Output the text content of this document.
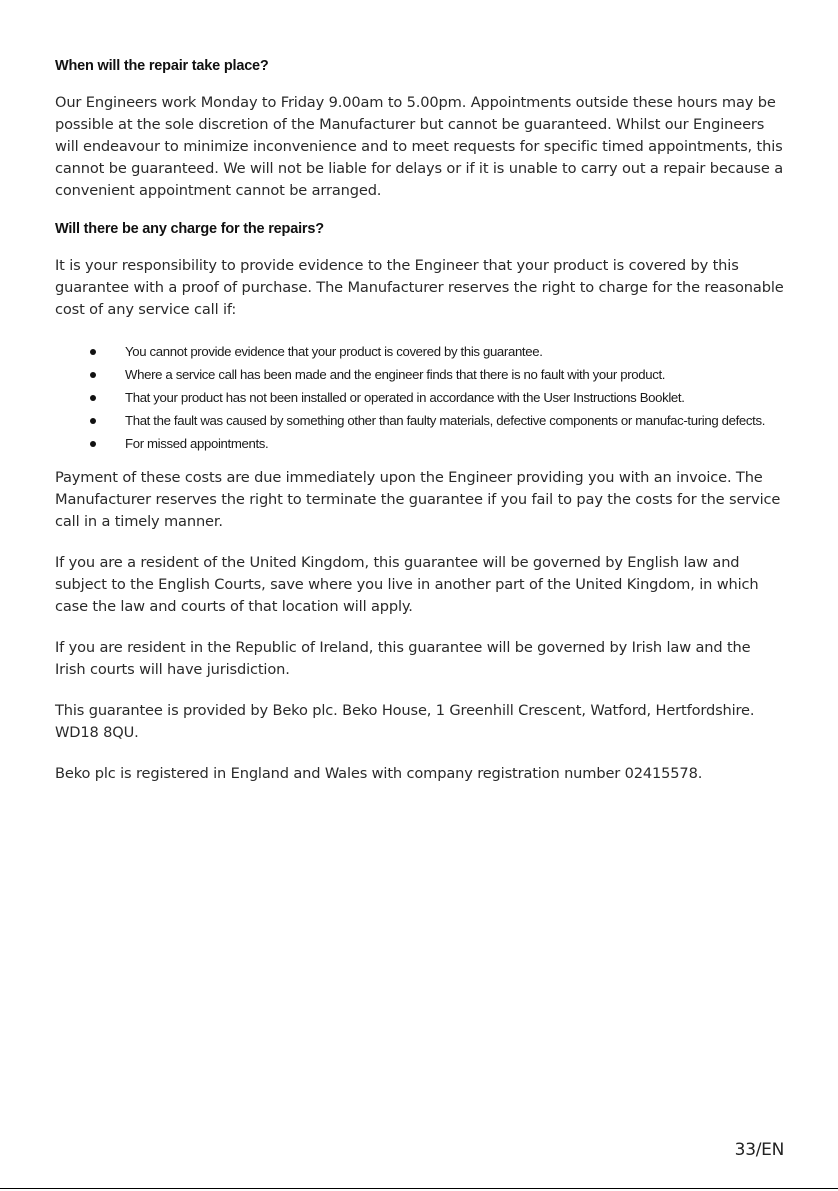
When will the repair take place?

Our Engineers work Monday to Friday 9.00am to 5.00pm. Appointments outside these hours may be possible at the sole discretion of the Manufacturer but cannot be guaranteed. Whilst our Engineers will endeavour to minimize inconvenience and to meet requests for specific timed appointments, this cannot be guaranteed. We will not be liable for delays or if it is unable to carry out a repair because a convenient appointment cannot be arranged.

Will there be any charge for the repairs?

It is your responsibility to provide evidence to the Engineer that your product is covered by this guarantee with a proof of purchase. The Manufacturer reserves the right to charge for the reasonable cost of any service call if:

You cannot provide evidence that your product is covered by this guarantee.
Where a service call has been made and the engineer finds that there is no fault with your product.
That your product has not been installed or operated in accordance with the User Instructions Booklet.
That the fault was caused by something other than faulty materials, defective components or manufac-turing defects.
For missed appointments.

Payment of these costs are due immediately upon the Engineer providing you with an invoice. The Manufacturer reserves the right to terminate the guarantee if you fail to pay the costs for the service call in a timely manner.

If you are a resident of the United Kingdom, this guarantee will be governed by English law and subject to the English Courts, save where you live in another part of the United Kingdom, in which case the law and courts of that location will apply.

If you are resident in the Republic of Ireland, this guarantee will be governed by Irish law and the Irish courts will have jurisdiction.

This guarantee is provided by Beko plc. Beko House, 1 Greenhill Crescent, Watford, Hertfordshire. WD18 8QU.

Beko plc is registered in England and Wales with company registration number 02415578.

33/EN
